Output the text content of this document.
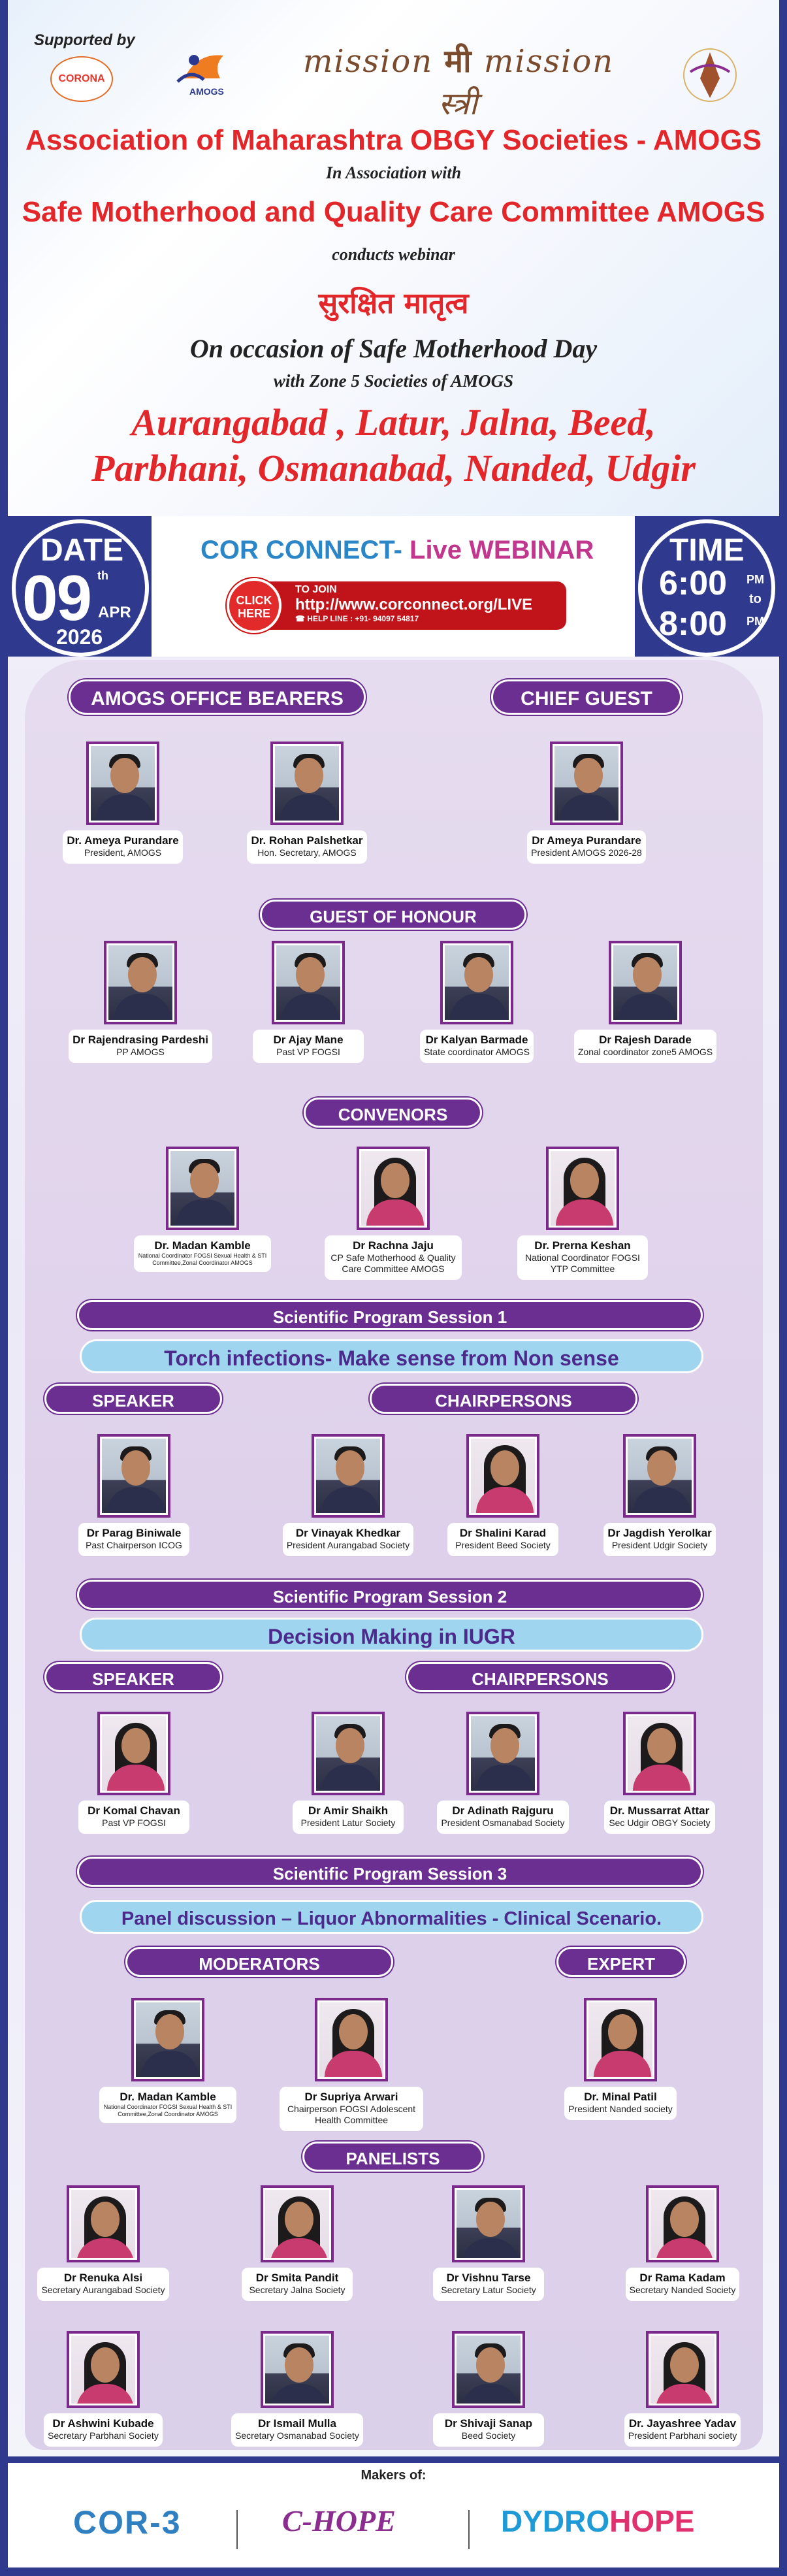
Supported by
CORONA
AMOGS
mission मी mission स्त्री
Association of Maharashtra OBGY Societies - AMOGS
In Association with
Safe Motherhood and Quality Care Committee AMOGS
conducts webinar
सुरक्षित मातृत्व
On occasion of Safe Motherhood Day
with Zone 5 Societies of AMOGS
Aurangabad , Latur, Jalna, Beed,
Parbhani, Osmanabad, Nanded, Udgir
COR CONNECT- Live WEBINAR
CLICK HERE
TO JOIN
http://www.corconnect.org/LIVE
☎ HELP LINE : +91- 94097 54817
DATE
09 th
APR
2026
TIME
6:00 PM
to
8:00 PM
AMOGS OFFICE BEARERS	CHIEF GUEST
Dr. Ameya Purandare
President, AMOGS
Dr. Rohan Palshetkar
Hon. Secretary, AMOGS
Dr Ameya Purandare
President AMOGS 2026-28
GUEST OF HONOUR
Dr Rajendrasing Pardeshi
PP AMOGS
Dr Ajay Mane
Past VP FOGSI
Dr Kalyan Barmade
State coordinator AMOGS
Dr Rajesh Darade
Zonal coordinator zone5 AMOGS
CONVENORS
Dr. Madan Kamble
National Coordinator FOGSI Sexual Health & STI Committee,Zonal Coordinator AMOGS
Dr Rachna Jaju
CP Safe Motherhood & Quality Care Committee AMOGS
Dr. Prerna Keshan
National Coordinator FOGSI YTP Committee
Scientific Program Session 1
Torch infections- Make sense from Non sense
SPEAKER	CHAIRPERSONS
Dr Parag Biniwale
Past Chairperson ICOG
Dr Vinayak Khedkar
President Aurangabad Society
Dr Shalini Karad
President Beed Society
Dr Jagdish Yerolkar
President Udgir Society
Scientific Program Session 2
Decision Making in IUGR
SPEAKER	CHAIRPERSONS
Dr Komal Chavan
Past VP FOGSI
Dr Amir Shaikh
President Latur Society
Dr Adinath Rajguru
President Osmanabad Society
Dr. Mussarrat Attar
Sec Udgir OBGY Society
Scientific Program Session 3
Panel discussion – Liquor Abnormalities - Clinical Scenario.
MODERATORS	EXPERT
Dr. Madan Kamble
National Coordinator FOGSI Sexual Health & STI Committee,Zonal Coordinator AMOGS
Dr Supriya Arwari
Chairperson FOGSI Adolescent Health Committee
Dr. Minal Patil
President Nanded society
PANELISTS
Dr Renuka Alsi
Secretary Aurangabad Society
Dr Smita Pandit
Secretary Jalna Society
Dr Vishnu Tarse
Secretary Latur Society
Dr Rama Kadam
Secretary Nanded Society
Dr Ashwini Kubade
Secretary Parbhani Society
Dr Ismail Mulla
Secretary Osmanabad Society
Dr Shivaji Sanap
Beed Society
Dr. Jayashree Yadav
President Parbhani society
Makers of:
COR-3	C-HOPE	DYDROHOPE
